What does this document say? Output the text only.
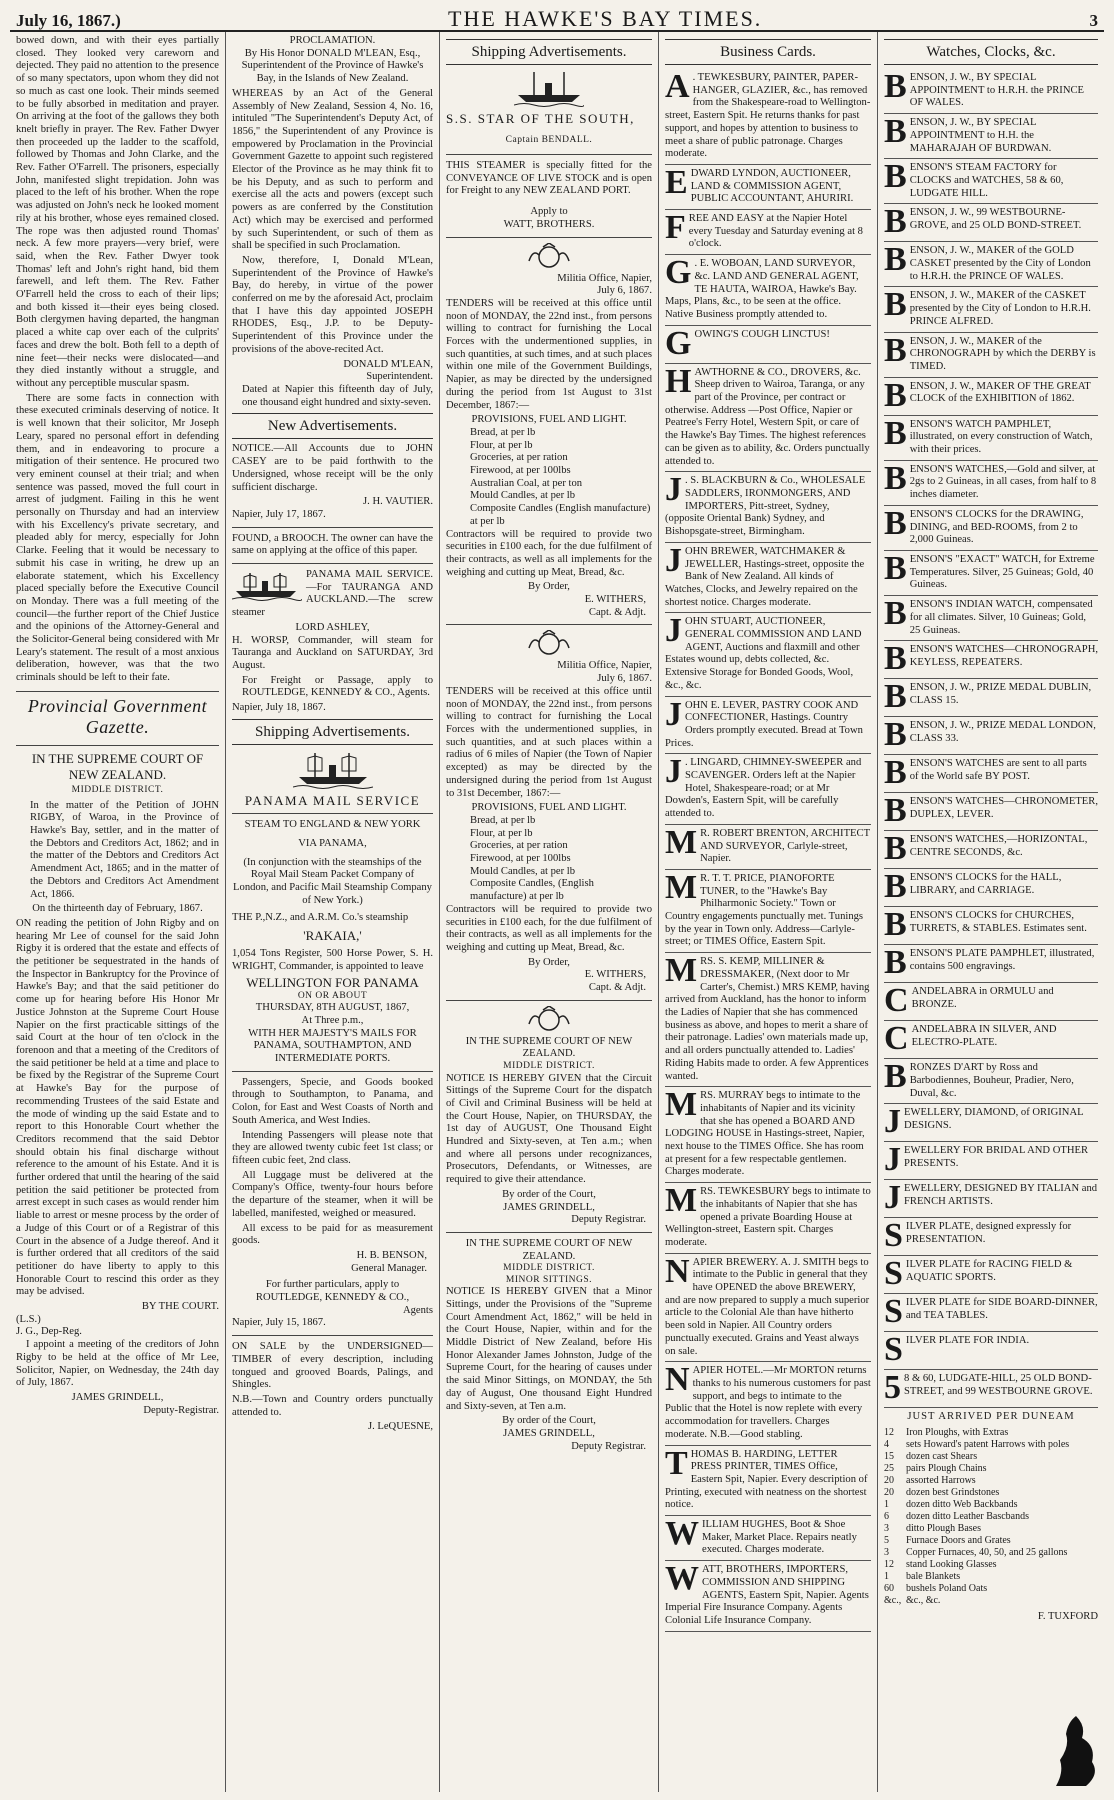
July 16, 1867.)	THE HAWKE'S BAY TIMES.	3

bowed down, and with their eyes partially closed. They looked very careworn and dejected. They paid no attention to the presence of so many spectators, upon whom they did not so much as cast one look. Their minds seemed to be fully absorbed in meditation and prayer. On arriving at the foot of the gallows they both knelt briefly in prayer. The Rev. Father Dwyer then proceeded up the ladder to the scaffold, followed by Thomas and John Clarke, and the Rev. Father O'Farrell. The prisoners, especially John, manifested slight trepidation. John was placed to the left of his brother. When the rope was adjusted on John's neck he looked moment rily at his brother, whose eyes remained closed. The rope was then adjusted round Thomas' neck. A few more prayers—very brief, were said, when the Rev. Father Dwyer took Thomas' left and John's right hand, bid them farewell, and left them. The Rev. Father O'Farrell held the cross to each of their lips; and both kissed it—their eyes being closed. Both clergymen having departed, the hangman placed a white cap over each of the culprits' faces and drew the bolt. Both fell to a depth of nine feet—their necks were dislocated—and they died instantly without a struggle, and without any perceptible muscular spasm.

There are some facts in connection with these executed criminals deserving of notice. It is well known that their solicitor, Mr Joseph Leary, spared no personal effort in defending them, and in endeavoring to procure a mitigation of their sentence. He procured two very eminent counsel at their trial; and when sentence was passed, moved the full court in arrest of judgment. Failing in this he went personally on Thursday and had an interview with his Excellency's private secretary, and pleaded ably for mercy, especially for John Clarke. Feeling that it would be necessary to submit his case in writing, he drew up an elaborate statement, which his Excellency placed specially before the Executive Council on Monday. There was a full meeting of the council—the further report of the Chief Justice and the opinions of the Attorney-General and the Solicitor-General being considered with Mr Leary's statement. The result of a most anxious deliberation, however, was that the two criminals should be left to their fate.

Provincial Government Gazette.
IN THE SUPREME COURT OF NEW ZEALAND.
MIDDLE DISTRICT.

In the matter of the Petition of JOHN RIGBY, of Waroa, in the Province of Hawke's Bay, settler, and in the matter of the Debtors and Creditors Act, 1862; and in the matter of the Debtors and Creditors Act Amendment Act, 1865; and in the matter of the Debtors and Creditors Act Amendment Act, 1866.

On the thirteenth day of February, 1867.

ON reading the petition of John Rigby and on hearing Mr Lee of counsel for the said John Rigby it is ordered that the estate and effects of the petitioner be sequestrated in the hands of the Inspector in Bankruptcy for the Province of Hawke's Bay; and that the said petitioner do come up for hearing before His Honor Mr Justice Johnston at the Supreme Court House Napier on the first practicable sittings of the said Court at the hour of ten o'clock in the forenoon and that a meeting of the Creditors of the said petitioner be held at a time and place to be fixed by the Registrar of the Supreme Court at Hawke's Bay for the purpose of recommending Trustees of the said Estate and the mode of winding up the said Estate and to report to this Honorable Court whether the Creditors recommend that the said Debtor should obtain his final discharge without reference to the amount of his Estate. And it is further ordered that until the hearing of the said petition the said petitioner be protected from arrest except in such cases as would render him liable to arrest or mesne process by the order of a Judge of this Court or of a Registrar of this Court in the absence of a Judge thereof. And it is further ordered that all creditors of the said petitioner do have liberty to apply to this Honorable Court to rescind this order as they may be advised.

BY THE COURT.
(L.S.)
J. G., Dep-Reg.

I appoint a meeting of the creditors of John Rigby to be held at the office of Mr Lee, Solicitor, Napier, on Wednesday, the 24th day of July, 1867.

JAMES GRINDELL,
Deputy-Registrar.
PROCLAMATION.

By His Honor DONALD M'LEAN, Esq., Superintendent of the Province of Hawke's Bay, in the Islands of New Zealand.

WHEREAS by an Act of the General Assembly of New Zealand, Session 4, No. 16, intituled "The Superintendent's Deputy Act, of 1856," the Superintendent of any Province is empowered by Proclamation in the Provincial Government Gazette to appoint such registered Elector of the Province as he may think fit to be his Deputy, and as such to perform and exercise all the acts and powers (except such powers as are conferred by the Constitution Act) which may be exercised and performed by such Superintendent, or such of them as shall be specified in such Proclamation.

Now, therefore, I, Donald M'Lean, Superintendent of the Province of Hawke's Bay, do hereby, in virtue of the power conferred on me by the aforesaid Act, proclaim that I have this day appointed JOSEPH RHODES, Esq., J.P. to be Deputy-Superintendent of this Province under the provisions of the above-recited Act.

DONALD M'LEAN,
Superintendent.

Dated at Napier this fifteenth day of July, one thousand eight hundred and sixty-seven.

New Advertisements.

NOTICE.—All Accounts due to JOHN CASEY are to be paid forthwith to the Undersigned, whose receipt will be the only sufficient discharge.

J. H. VAUTIER.
Napier, July 17, 1867.

FOUND, a BROOCH. The owner can have the same on applying at the office of this paper.

PANAMA MAIL SERVICE.—For TAURANGA AND AUCKLAND.—The screw steamer

LORD ASHLEY,

H. WORSP, Commander, will steam for Tauranga and Auckland on SATURDAY, 3rd August.

For Freight or Passage, apply to ROUTLEDGE, KENNEDY & CO., Agents.

Napier, July 18, 1867.
Shipping Advertisements.
PANAMA MAIL SERVICE
STEAM TO ENGLAND & NEW YORK
VIA PANAMA,

(In conjunction with the steamships of the Royal Mail Steam Packet Company of London, and Pacific Mail Steamship Company of New York.)

THE P.,N.Z., and A.R.M. Co.'s steamship

'RAKAIA,'

1,054 Tons Register, 500 Horse Power, S. H. WRIGHT, Commander, is appointed to leave

WELLINGTON FOR PANAMA
ON OR ABOUT
THURSDAY, 8TH AUGUST, 1867,
At Three p.m.,

WITH HER MAJESTY'S MAILS FOR PANAMA, SOUTHAMPTON, AND INTERMEDIATE PORTS.

Passengers, Specie, and Goods booked through to Southampton, to Panama, and Colon, for East and West Coasts of North and South America, and West Indies.

Intending Passengers will please note that they are allowed twenty cubic feet 1st class; or fifteen cubic feet, 2nd class.

All Luggage must be delivered at the Company's Office, twenty-four hours before the departure of the steamer, when it will be labelled, manifested, weighed or measured.

All excess to be paid for as measurement goods.

H. B. BENSON,
General Manager.
For further particulars, apply to
ROUTLEDGE, KENNEDY & CO.,
Agents
Napier, July 15, 1867.

ON SALE by the UNDERSIGNED—TIMBER of every description, including tongued and grooved Boards, Palings, and Shingles.

N.B.—Town and Country orders punctually attended to.

J. LeQUESNE,
Shipping Advertisements.
S.S. STAR OF THE SOUTH,
Captain BENDALL.

THIS STEAMER is specially fitted for the CONVEYANCE OF LIVE STOCK and is open for Freight to any NEW ZEALAND PORT.

Apply to
WATT, BROTHERS.
Militia Office, Napier,
July 6, 1867.

TENDERS will be received at this office until noon of MONDAY, the 22nd inst., from persons willing to contract for furnishing the Local Forces with the undermentioned supplies, in such quantities, at such times, and at such places within one mile of the Government Buildings, Napier, as may be directed by the undersigned during the period from 1st August to 31st December, 1867:—

PROVISIONS, FUEL AND LIGHT.
Bread, at per lb
Flour, at per lb
Groceries, at per ration
Firewood, at per 100lbs
Australian Coal, at per ton
Mould Candles, at per lb
Composite Candles (English manufacture) at per lb

Contractors will be required to provide two securities in £100 each, for the due fulfilment of their contracts, as well as all implements for the weighing and cutting up Meat, Bread, &c.

By Order,
E. WITHERS,
Capt. & Adjt.
Militia Office, Napier,
July 6, 1867.

TENDERS will be received at this office until noon of MONDAY, the 22nd inst., from persons willing to contract for furnishing the Local Forces with the undermentioned supplies, in such quantities, and at such places within a radius of 6 miles of Napier (the Town of Napier excepted) as may be directed by the undersigned during the period from 1st August to 31st December, 1867:—

PROVISIONS, FUEL AND LIGHT.
Bread, at per lb
Flour, at per lb
Groceries, at per ration
Firewood, at per 100lbs
Mould Candles, at per lb
Composite Candles, (English manufacture) at per lb

Contractors will be required to provide two securities in £100 each, for the due fulfilment of their contracts, as well as all implements for the weighing and cutting up Meat, Bread, &c.

By Order,
E. WITHERS,
Capt. & Adjt.
IN THE SUPREME COURT OF NEW ZEALAND.
MIDDLE DISTRICT.

NOTICE IS HEREBY GIVEN that the Circuit Sittings of the Supreme Court for the dispatch of Civil and Criminal Business will be held at the Court House, Napier, on THURSDAY, the 1st day of AUGUST, One Thousand Eight Hundred and Sixty-seven, at Ten a.m.; when and where all persons under recognizances, Prosecutors, Defendants, or Witnesses, are required to give their attendance.

By order of the Court,
JAMES GRINDELL,
Deputy Registrar.
IN THE SUPREME COURT OF NEW ZEALAND.
MIDDLE DISTRICT.
MINOR SITTINGS.

NOTICE IS HEREBY GIVEN that a Minor Sittings, under the Provisions of the "Supreme Court Amendment Act, 1862," will be held in the Court House, Napier, within and for the Middle District of New Zealand, before His Honor Alexander James Johnston, Judge of the Supreme Court, for the hearing of causes under the said Minor Sittings, on MONDAY, the 5th day of August, One thousand Eight Hundred and Sixty-seven, at Ten a.m.

By order of the Court,
JAMES GRINDELL,
Deputy Registrar.
Business Cards.
A . TEWKESBURY, PAINTER, PAPER-HANGER, GLAZIER, &c., has removed from the Shakespeare-road to Wellington-street, Eastern Spit. He returns thanks for past support, and hopes by attention to business to meet a share of public patronage. Charges moderate.
EDWARD LYNDON, AUCTIONEER, LAND & COMMISSION AGENT, PUBLIC ACCOUNTANT, AHURIRI.
FREE AND EASY at the Napier Hotel every Tuesday and Saturday evening at 8 o'clock.
G . E. WOBOAN, LAND SURVEYOR, &c. LAND AND GENERAL AGENT, TE HAUTA, WAIROA, Hawke's Bay. Maps, Plans, &c., to be seen at the office. Native Business promptly attended to.
GOWING'S COUGH LINCTUS!
HAWTHORNE & CO., DROVERS, &c. Sheep driven to Wairoa, Taranga, or any part of the Province, per contract or otherwise. Address —Post Office, Napier or Peatree's Ferry Hotel, Western Spit, or care of the Hawke's Bay Times. The highest references can be given as to ability, &c. Orders punctually attended to.
J . S. BLACKBURN & Co., WHOLESALE SADDLERS, IRONMONGERS, AND IMPORTERS, Pitt-street, Sydney, (opposite Oriental Bank) Sydney, and Bishopsgate-street, Birmingham.
JOHN BREWER, WATCHMAKER & JEWELLER, Hastings-street, opposite the Bank of New Zealand. All kinds of Watches, Clocks, and Jewelry repaired on the shortest notice. Charges moderate.
JOHN STUART, AUCTIONEER, GENERAL COMMISSION AND LAND AGENT, Auctions and flaxmill and other Estates wound up, debts collected, &c. Extensive Storage for Bonded Goods, Wool, &c., &c.
JOHN E. LEVER, PASTRY COOK AND CONFECTIONER, Hastings. Country Orders promptly executed. Bread at Town Prices.
J . LINGARD, CHIMNEY-SWEEPER and SCAVENGER. Orders left at the Napier Hotel, Shakespeare-road; or at Mr Dowden's, Eastern Spit, will be carefully attended to.
M R. ROBERT BRENTON, ARCHITECT AND SURVEYOR, Carlyle-street, Napier.
M R. T. T. PRICE, PIANOFORTE TUNER, to the "Hawke's Bay Philharmonic Society." Town or Country engagements punctually met. Tunings by the year in Town only. Address—Carlyle-street; or TIMES Office, Eastern Spit.
MRS. S. KEMP, MILLINER & DRESSMAKER, (Next door to Mr Carter's, Chemist.) MRS KEMP, having arrived from Auckland, has the honor to inform the Ladies of Napier that she has commenced business as above, and hopes to merit a share of their patronage. Ladies' own materials made up, and all orders punctually attended to. Ladies' Riding Habits made to order. A few Apprentices wanted.
MRS. MURRAY begs to intimate to the inhabitants of Napier and its vicinity that she has opened a BOARD AND LODGING HOUSE in Hastings-street, Napier, next house to the TIMES Office. She has room at present for a few respectable gentlemen. Charges moderate.
MRS. TEWKESBURY begs to intimate to the inhabitants of Napier that she has opened a private Boarding House at Wellington-street, Eastern spit. Charges moderate.
NAPIER BREWERY. A. J. SMITH begs to intimate to the Public in general that they have OPENED the above BREWERY, and are now prepared to supply a much superior article to the Colonial Ale than have hitherto been sold in Napier. All Country orders punctually executed. Grains and Yeast always on sale.
NAPIER HOTEL.—Mr MORTON returns thanks to his numerous customers for past support, and begs to intimate to the Public that the Hotel is now replete with every accommodation for travellers. Charges moderate. N.B.—Good stabling.
THOMAS B. HARDING, LETTER PRESS PRINTER, TIMES Office, Eastern Spit, Napier. Every description of Printing, executed with neatness on the shortest notice.
WILLIAM HUGHES, Boot & Shoe Maker, Market Place. Repairs neatly executed. Charges moderate.
WATT, BROTHERS, IMPORTERS, COMMISSION AND SHIPPING AGENTS, Eastern Spit, Napier. Agents Imperial Fire Insurance Company. Agents Colonial Life Insurance Company.
Watches, Clocks, &c.
BENSON, J. W., BY SPECIAL APPOINTMENT to H.R.H. the PRINCE OF WALES.
BENSON, J. W., BY SPECIAL APPOINTMENT to H.H. the MAHARAJAH OF BURDWAN.
BENSON'S STEAM FACTORY for CLOCKS and WATCHES, 58 & 60, LUDGATE HILL.
BENSON, J. W., 99 WESTBOURNE-GROVE, and 25 OLD BOND-STREET.
BENSON, J. W., MAKER of the GOLD CASKET presented by the City of London to H.R.H. the PRINCE OF WALES.
BENSON, J. W., MAKER of the CASKET presented by the City of London to H.R.H. PRINCE ALFRED.
BENSON, J. W., MAKER of the CHRONOGRAPH by which the DERBY is TIMED.
BENSON, J. W., MAKER OF THE GREAT CLOCK of the EXHIBITION of 1862.
BENSON'S WATCH PAMPHLET, illustrated, on every construction of Watch, with their prices.
BENSON'S WATCHES,—Gold and silver, at 2gs to 2 Guineas, in all cases, from half to 8 inches diameter.
BENSON'S CLOCKS for the DRAWING, DINING, and BED-ROOMS, from 2 to 2,000 Guineas.
BENSON'S "EXACT" WATCH, for Extreme Temperatures. Silver, 25 Guineas; Gold, 40 Guineas.
BENSON'S INDIAN WATCH, compensated for all climates. Silver, 10 Guineas; Gold, 25 Guineas.
BENSON'S WATCHES—CHRONOGRAPH, KEYLESS, REPEATERS.
BENSON, J. W., PRIZE MEDAL DUBLIN, CLASS 15.
BENSON, J. W., PRIZE MEDAL LONDON, CLASS 33.
BENSON'S WATCHES are sent to all parts of the World safe BY POST.
BENSON'S WATCHES—CHRONOMETER, DUPLEX, LEVER.
BENSON'S WATCHES,—HORIZONTAL, CENTRE SECONDS, &c.
BENSON'S CLOCKS for the HALL, LIBRARY, and CARRIAGE.
BENSON'S CLOCKS for CHURCHES, TURRETS, & STABLES. Estimates sent.
BENSON'S PLATE PAMPHLET, illustrated, contains 500 engravings.
CANDELABRA in ORMULU and BRONZE.
CANDELABRA IN SILVER, AND ELECTRO-PLATE.
BRONZES D'ART by Ross and Barbodiennes, Bouheur, Pradier, Nero, Duval, &c.
JEWELLERY, DIAMOND, of ORIGINAL DESIGNS.
JEWELLERY FOR BRIDAL AND OTHER PRESENTS.
JEWELLERY, DESIGNED BY ITALIAN and FRENCH ARTISTS.
SILVER PLATE, designed expressly for PRESENTATION.
SILVER PLATE for RACING FIELD & AQUATIC SPORTS.
SILVER PLATE for SIDE BOARD-DINNER, and TEA TABLES.
SILVER PLATE FOR INDIA.
5 8 & 60, LUDGATE-HILL, 25 OLD BOND-STREET, and 99 WESTBOURNE GROVE.
JUST ARRIVED PER DUNEAM
12	Iron Ploughs, with Extras
4	sets Howard's patent Harrows with poles
15	dozen cast Shears
25	pairs Plough Chains
20	assorted Harrows
20	dozen best Grindstones
1	dozen ditto Web Backbands
6	dozen ditto Leather Bascbands
3	ditto Plough Bases
5	Furnace Doors and Grates
3	Copper Furnaces, 40, 50, and 25 gallons
12	stand Looking Glasses
1	bale Blankets
60	bushels Poland Oats
&c., &c., &c.
F. TUXFORD
